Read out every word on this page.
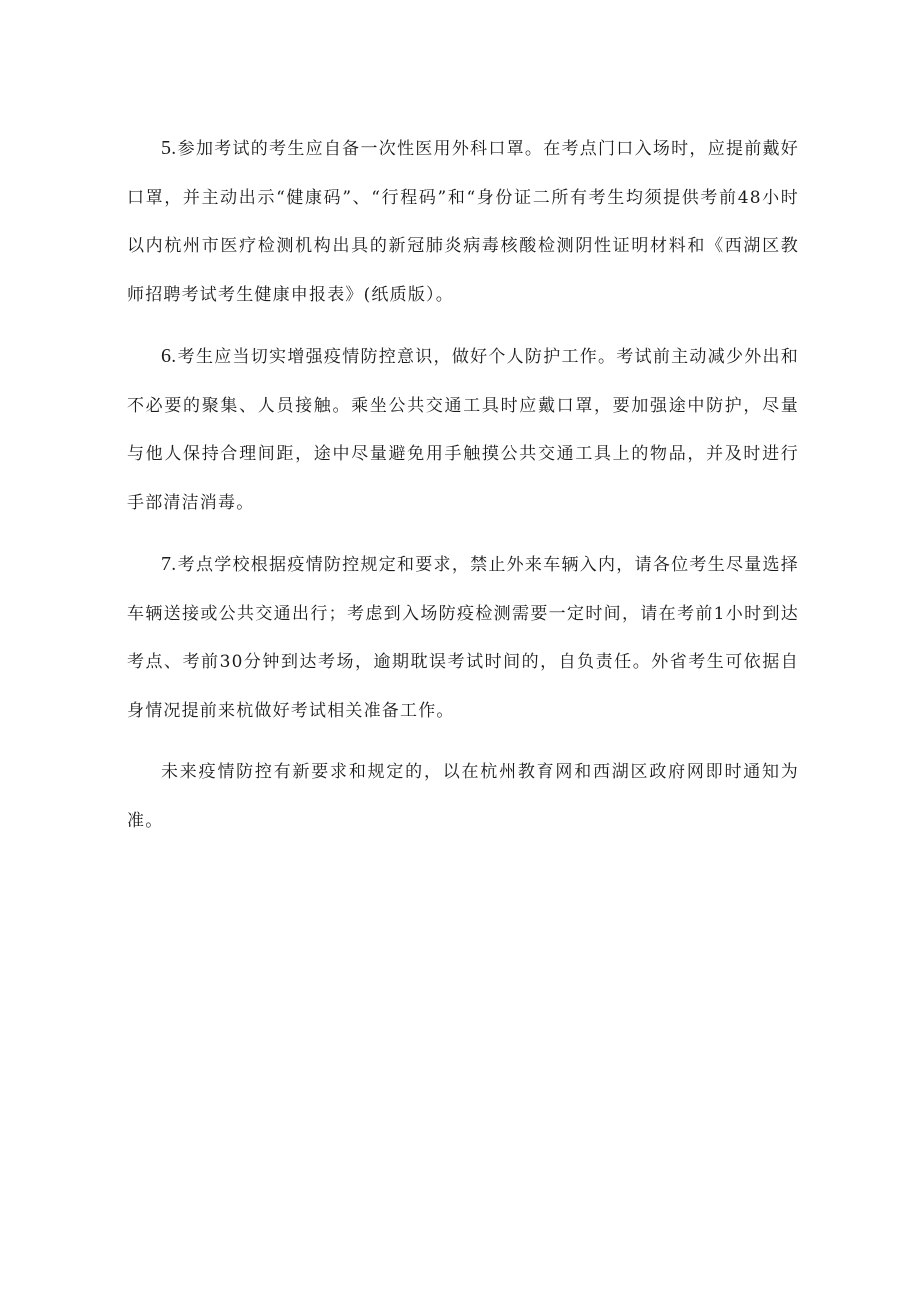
5.参加考试的考生应自备一次性医用外科口罩。在考点门口入场时，应提前戴好口罩，并主动出示“健康码”、“行程码”和“身份证二所有考生均须提供考前48小时以内杭州市医疗检测机构出具的新冠肺炎病毒核酸检测阴性证明材料和《西湖区教师招聘考试考生健康申报表》(纸质版）。

6.考生应当切实增强疫情防控意识，做好个人防护工作。考试前主动减少外出和不必要的聚集、人员接触。乘坐公共交通工具时应戴口罩，要加强途中防护，尽量与他人保持合理间距，途中尽量避免用手触摸公共交通工具上的物品，并及时进行手部清洁消毒。

7.考点学校根据疫情防控规定和要求，禁止外来车辆入内，请各位考生尽量选择车辆送接或公共交通出行；考虑到入场防疫检测需要一定时间，请在考前1小时到达考点、考前30分钟到达考场，逾期耽误考试时间的，自负责任。外省考生可依据自身情况提前来杭做好考试相关准备工作。

未来疫情防控有新要求和规定的，以在杭州教育网和西湖区政府网即时通知为准。
